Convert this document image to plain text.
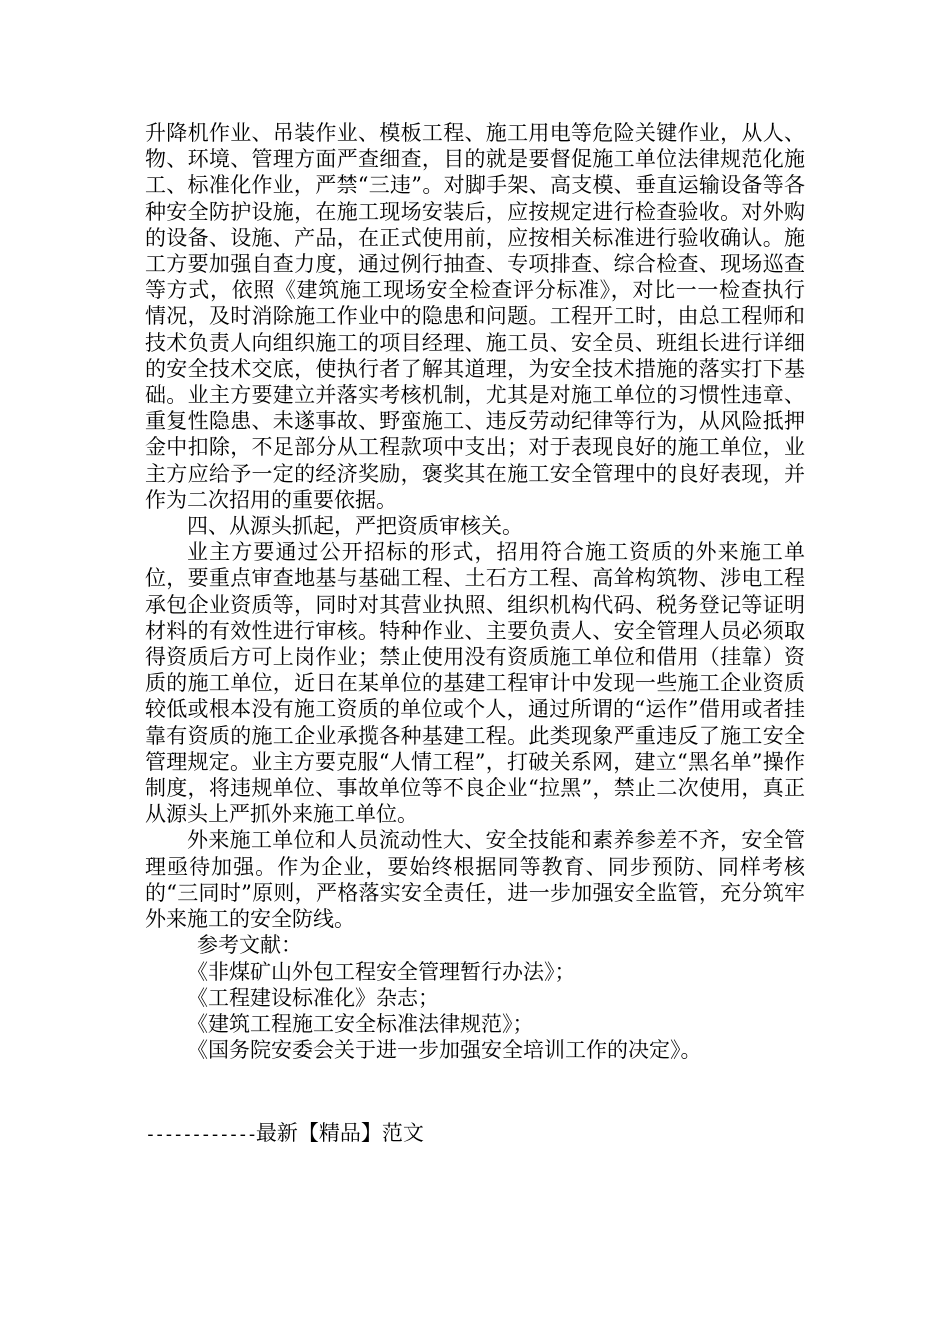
升降机作业、吊装作业、模板工程、施工用电等危险关键作业，从人、物、环境、管理方面严查细查，目的就是要督促施工单位法律规范化施工、标准化作业，严禁“三违”。对脚手架、高支模、垂直运输设备等各种安全防护设施，在施工现场安装后，应按规定进行检查验收。对外购的设备、设施、产品，在正式使用前，应按相关标准进行验收确认。施工方要加强自查力度，通过例行抽查、专项排查、综合检查、现场巡查等方式，依照《建筑施工现场安全检查评分标准》，对比一一检查执行情况，及时消除施工作业中的隐患和问题。工程开工时，由总工程师和技术负责人向组织施工的项目经理、施工员、安全员、班组长进行详细的安全技术交底，使执行者了解其道理，为安全技术措施的落实打下基础。业主方要建立并落实考核机制，尤其是对施工单位的习惯性违章、重复性隐患、未遂事故、野蛮施工、违反劳动纪律等行为，从风险抵押金中扣除，不足部分从工程款项中支出；对于表现良好的施工单位，业主方应给予一定的经济奖励，褒奖其在施工安全管理中的良好表现，并作为二次招用的重要依据。

四、从源头抓起，严把资质审核关。

业主方要通过公开招标的形式，招用符合施工资质的外来施工单位，要重点审查地基与基础工程、土石方工程、高耸构筑物、涉电工程承包企业资质等，同时对其营业执照、组织机构代码、税务登记等证明材料的有效性进行审核。特种作业、主要负责人、安全管理人员必须取得资质后方可上岗作业；禁止使用没有资质施工单位和借用（挂靠）资质的施工单位，近日在某单位的基建工程审计中发现一些施工企业资质较低或根本没有施工资质的单位或个人，通过所谓的“运作”借用或者挂靠有资质的施工企业承揽各种基建工程。此类现象严重违反了施工安全管理规定。业主方要克服“人情工程”，打破关系网，建立“黑名单”操作制度，将违规单位、事故单位等不良企业“拉黑”，禁止二次使用，真正从源头上严抓外来施工单位。

外来施工单位和人员流动性大、安全技能和素养参差不齐，安全管理亟待加强。作为企业，要始终根据同等教育、同步预防、同样考核的“三同时”原则，严格落实安全责任，进一步加强安全监管，充分筑牢外来施工的安全防线。

参考文献：

《非煤矿山外包工程安全管理暂行办法》；

《工程建设标准化》杂志；

《建筑工程施工安全标准法律规范》；

《国务院安委会关于进一步加强安全培训工作的决定》。

------------最新【精品】范文
